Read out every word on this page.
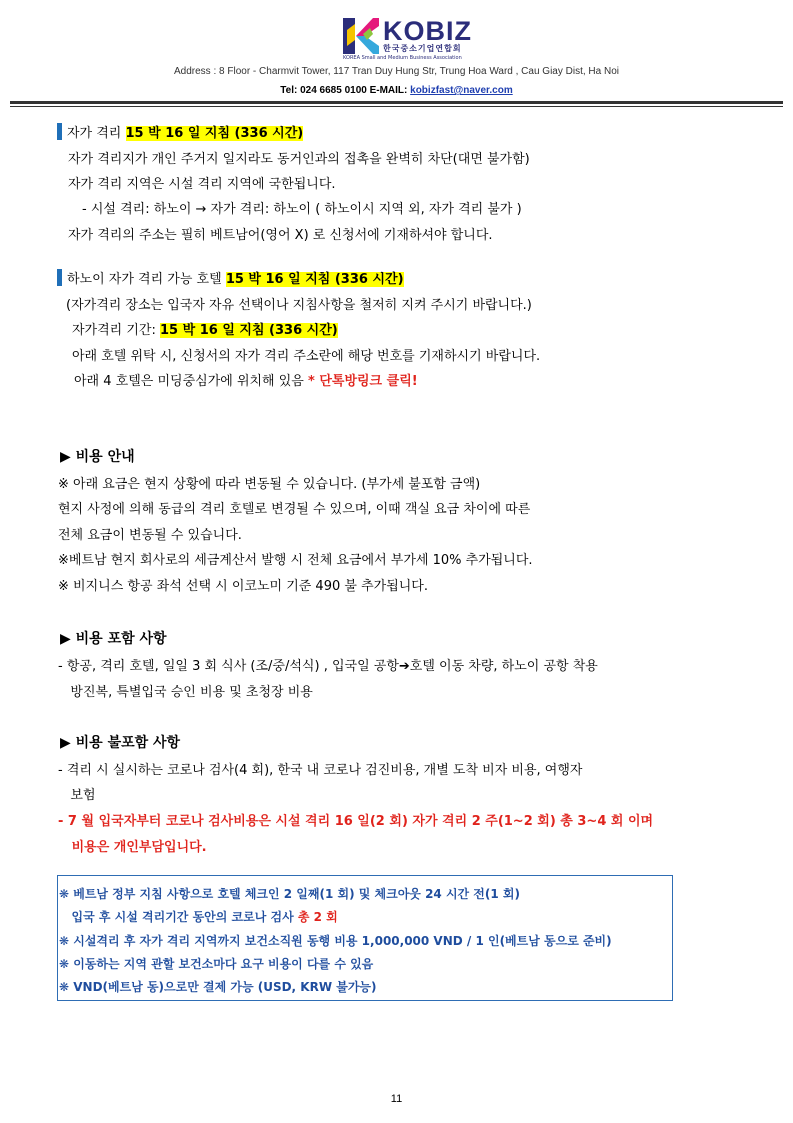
KOBIZ
한국중소기업연합회
KOREA Small and Medium Business Association
Address : 8 Floor - Charmvit Tower, 117 Tran Duy Hung Str, Trung Hoa Ward , Cau Giay Dist, Ha Noi
Tel: 024 6685 0100 E-MAIL: kobizfast@naver.com
자가 격리 15 박 16 일 지침 (336 시간)
자가 격리지가 개인 주거지 일지라도 동거인과의 접촉을 완벽히 차단(대면 불가함)
자가 격리 지역은 시설 격리 지역에 국한됩니다.
- 시설 격리: 하노이 → 자가 격리: 하노이 ( 하노이시 지역 외, 자가 격리 불가 )
자가 격리의 주소는 필히 베트남어(영어 X) 로 신청서에 기재하셔야 합니다.
하노이 자가 격리 가능 호텔 15 박 16 일 지침 (336 시간)
(자가격리 장소는 입국자 자유 선택이나 지침사항을 철저히 지켜 주시기 바랍니다.)
자가격리 기간: 15 박 16 일 지침 (336 시간)
아래 호텔 위탁 시, 신청서의 자가 격리 주소란에 해당 번호를 기재하시기 바랍니다.
아래 4 호텔은 미딩중심가에 위치해 있음 * 단톡방링크 클릭!
▶ 비용 안내
※ 아래 요금은 현지 상황에 따라 변동될 수 있습니다. (부가세 불포함 금액)
현지 사정에 의해 동급의 격리 호텔로 변경될 수 있으며, 이때 객실 요금 차이에 따른
전체 요금이 변동될 수 있습니다.
※베트남 현지 회사로의 세금계산서 발행 시 전체 요금에서 부가세 10% 추가됩니다.
※ 비지니스 항공 좌석 선택 시 이코노미 기준 490 불 추가됩니다.
▶ 비용 포함 사항
- 항공, 격리 호텔, 일일 3 회 식사 (조/중/석식) , 입국일 공항➔호텔 이동 차량, 하노이 공항 착용
방진복, 특별입국 승인 비용 및 초청장 비용
▶ 비용 불포함 사항
- 격리 시 실시하는 코로나 검사(4 회), 한국 내 코로나 검진비용, 개별 도착 비자 비용, 여행자
보험
- 7 월 입국자부터 코로나 검사비용은 시설 격리 16 일(2 회) 자가 격리 2 주(1~2 회) 총 3~4 회 이며
비용은 개인부담입니다.
❋ 베트남 정부 지침 사항으로 호텔 체크인 2 일째(1 회) 및 체크아웃 24 시간 전(1 회)
입국 후 시설 격리기간 동안의 코로나 검사 총 2 회
❋ 시설격리 후 자가 격리 지역까지 보건소직원 동행 비용 1,000,000 VND / 1 인(베트남 동으로 준비)
❋ 이동하는 지역 관할 보건소마다 요구 비용이 다를 수 있음
❋ VND(베트남 동)으로만 결제 가능 (USD, KRW 불가능)
11
